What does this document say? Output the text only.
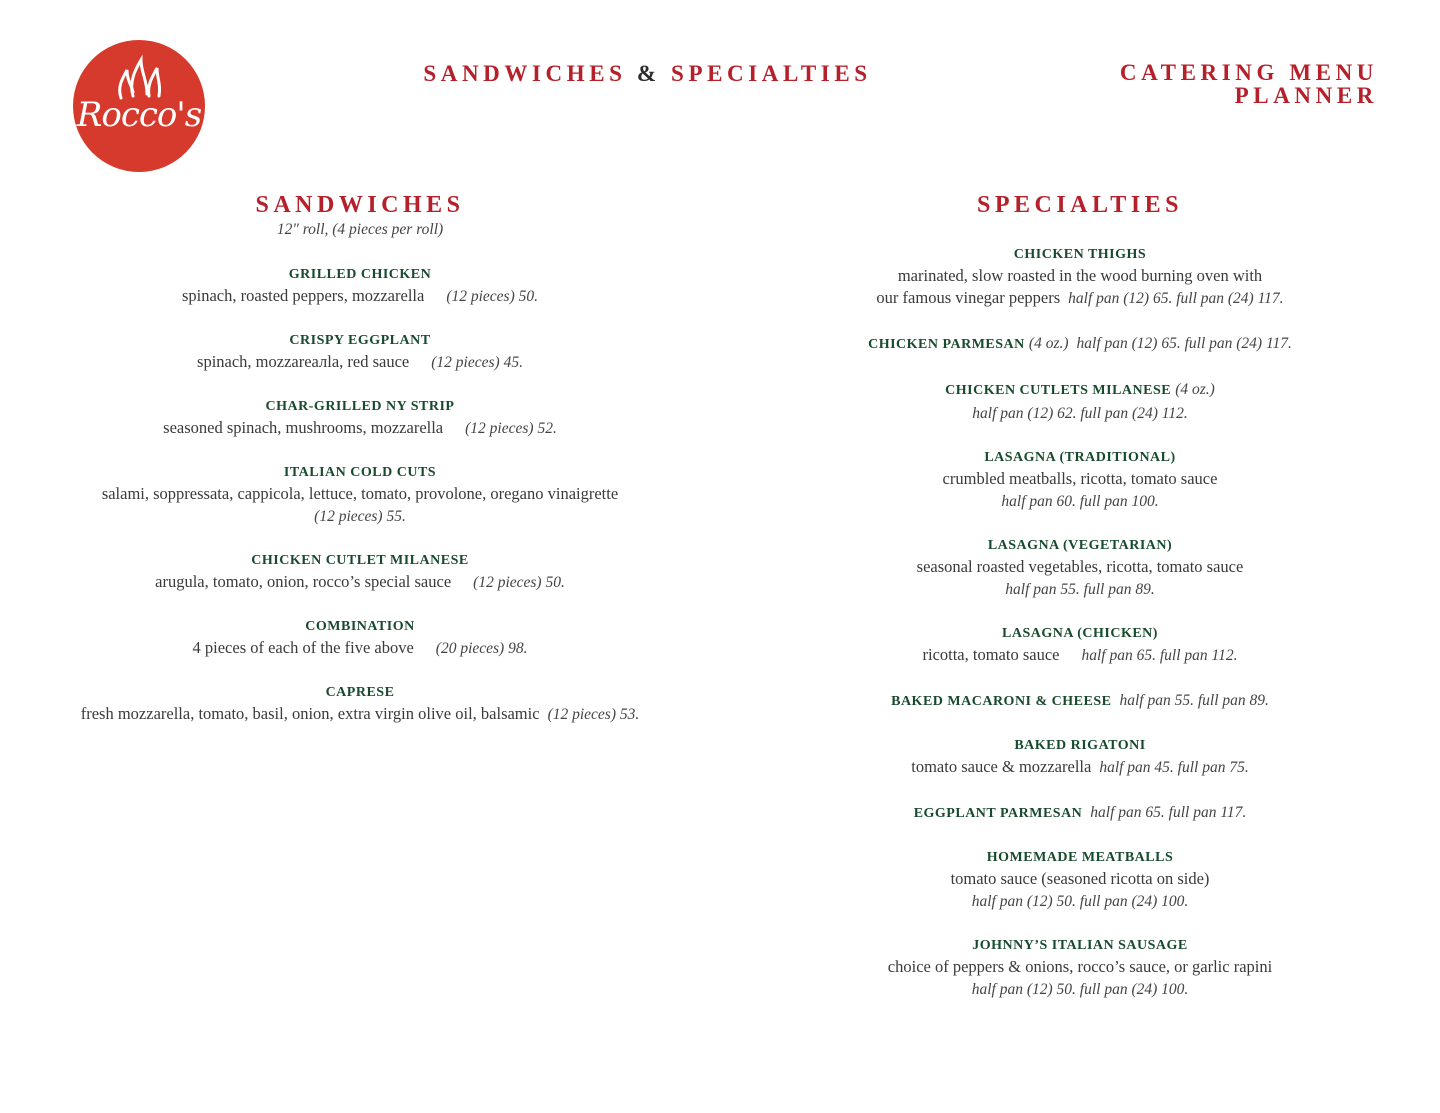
Rocco's
SANDWICHES & SPECIALTIES	CATERING MENU
PLANNER
SANDWICHES
12" roll, (4 pieces per roll)
GRILLED CHICKEN
spinach, roasted peppers, mozzarella (12 pieces) 50.
CRISPY EGGPLANT
spinach, mozzareалla, red sauce (12 pieces) 45.
CHAR-GRILLED NY STRIP
seasoned spinach, mushrooms, mozzarella (12 pieces) 52.
ITALIAN COLD CUTS
salami, soppressata, cappicola, lettuce, tomato, provolone, oregano vinaigrette
(12 pieces) 55.
CHICKEN CUTLET MILANESE
arugula, tomato, onion, rocco’s special sauce (12 pieces) 50.
COMBINATION
4 pieces of each of the five above (20 pieces) 98.
CAPRESE
fresh mozzarella, tomato, basil, onion, extra virgin olive oil, balsamic (12 pieces) 53.
SPECIALTIES
CHICKEN THIGHS
marinated, slow roasted in the wood burning oven with
our famous vinegar peppers half pan (12) 65. full pan (24) 117.
CHICKEN PARMESAN (4 oz.) half pan (12) 65. full pan (24) 117.
CHICKEN CUTLETS MILANESE (4 oz.)
half pan (12) 62. full pan (24) 112.
LASAGNA (TRADITIONAL)
crumbled meatballs, ricotta, tomato sauce
half pan 60. full pan 100.
LASAGNA (VEGETARIAN)
seasonal roasted vegetables, ricotta, tomato sauce
half pan 55. full pan 89.
LASAGNA (CHICKEN)
ricotta, tomato sauce half pan 65. full pan 112.
BAKED MACARONI & CHEESE half pan 55. full pan 89.
BAKED RIGATONI
tomato sauce & mozzarella half pan 45. full pan 75.
EGGPLANT PARMESAN half pan 65. full pan 117.
HOMEMADE MEATBALLS
tomato sauce (seasoned ricotta on side)
half pan (12) 50. full pan (24) 100.
JOHNNY’S ITALIAN SAUSAGE
choice of peppers & onions, rocco’s sauce, or garlic rapini
half pan (12) 50. full pan (24) 100.
